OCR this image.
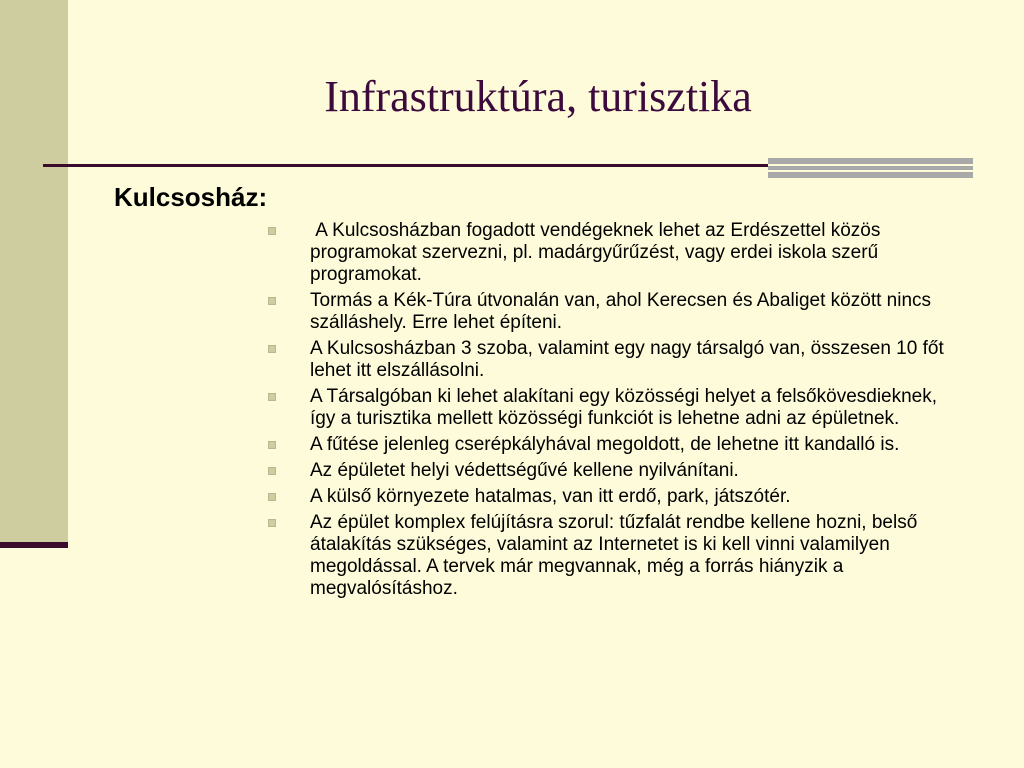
Infrastruktúra, turisztika
Kulcsosház:
A Kulcsosházban fogadott vendégeknek lehet az Erdészettel közös programokat szervezni, pl. madárgyűrűzést, vagy erdei iskola szerű programokat.
Tormás a Kék-Túra útvonalán van, ahol Kerecsen és Abaliget között nincs szálláshely. Erre lehet építeni.
A Kulcsosházban 3 szoba, valamint egy nagy társalgó van, összesen 10 főt lehet itt elszállásolni.
A Társalgóban ki lehet alakítani egy közösségi helyet a felsőkövesdieknek, így a turisztika mellett közösségi funkciót is lehetne adni az épületnek.
A fűtése jelenleg cserépkályhával megoldott, de lehetne itt kandalló is.
Az épületet helyi védettségűvé kellene nyilvánítani.
A külső környezete hatalmas, van itt erdő, park, játszótér.
Az épület komplex felújításra szorul: tűzfalát rendbe kellene hozni, belső átalakítás szükséges, valamint az Internetet is ki kell vinni valamilyen megoldással. A tervek már megvannak, még a forrás hiányzik a megvalósításhoz.
